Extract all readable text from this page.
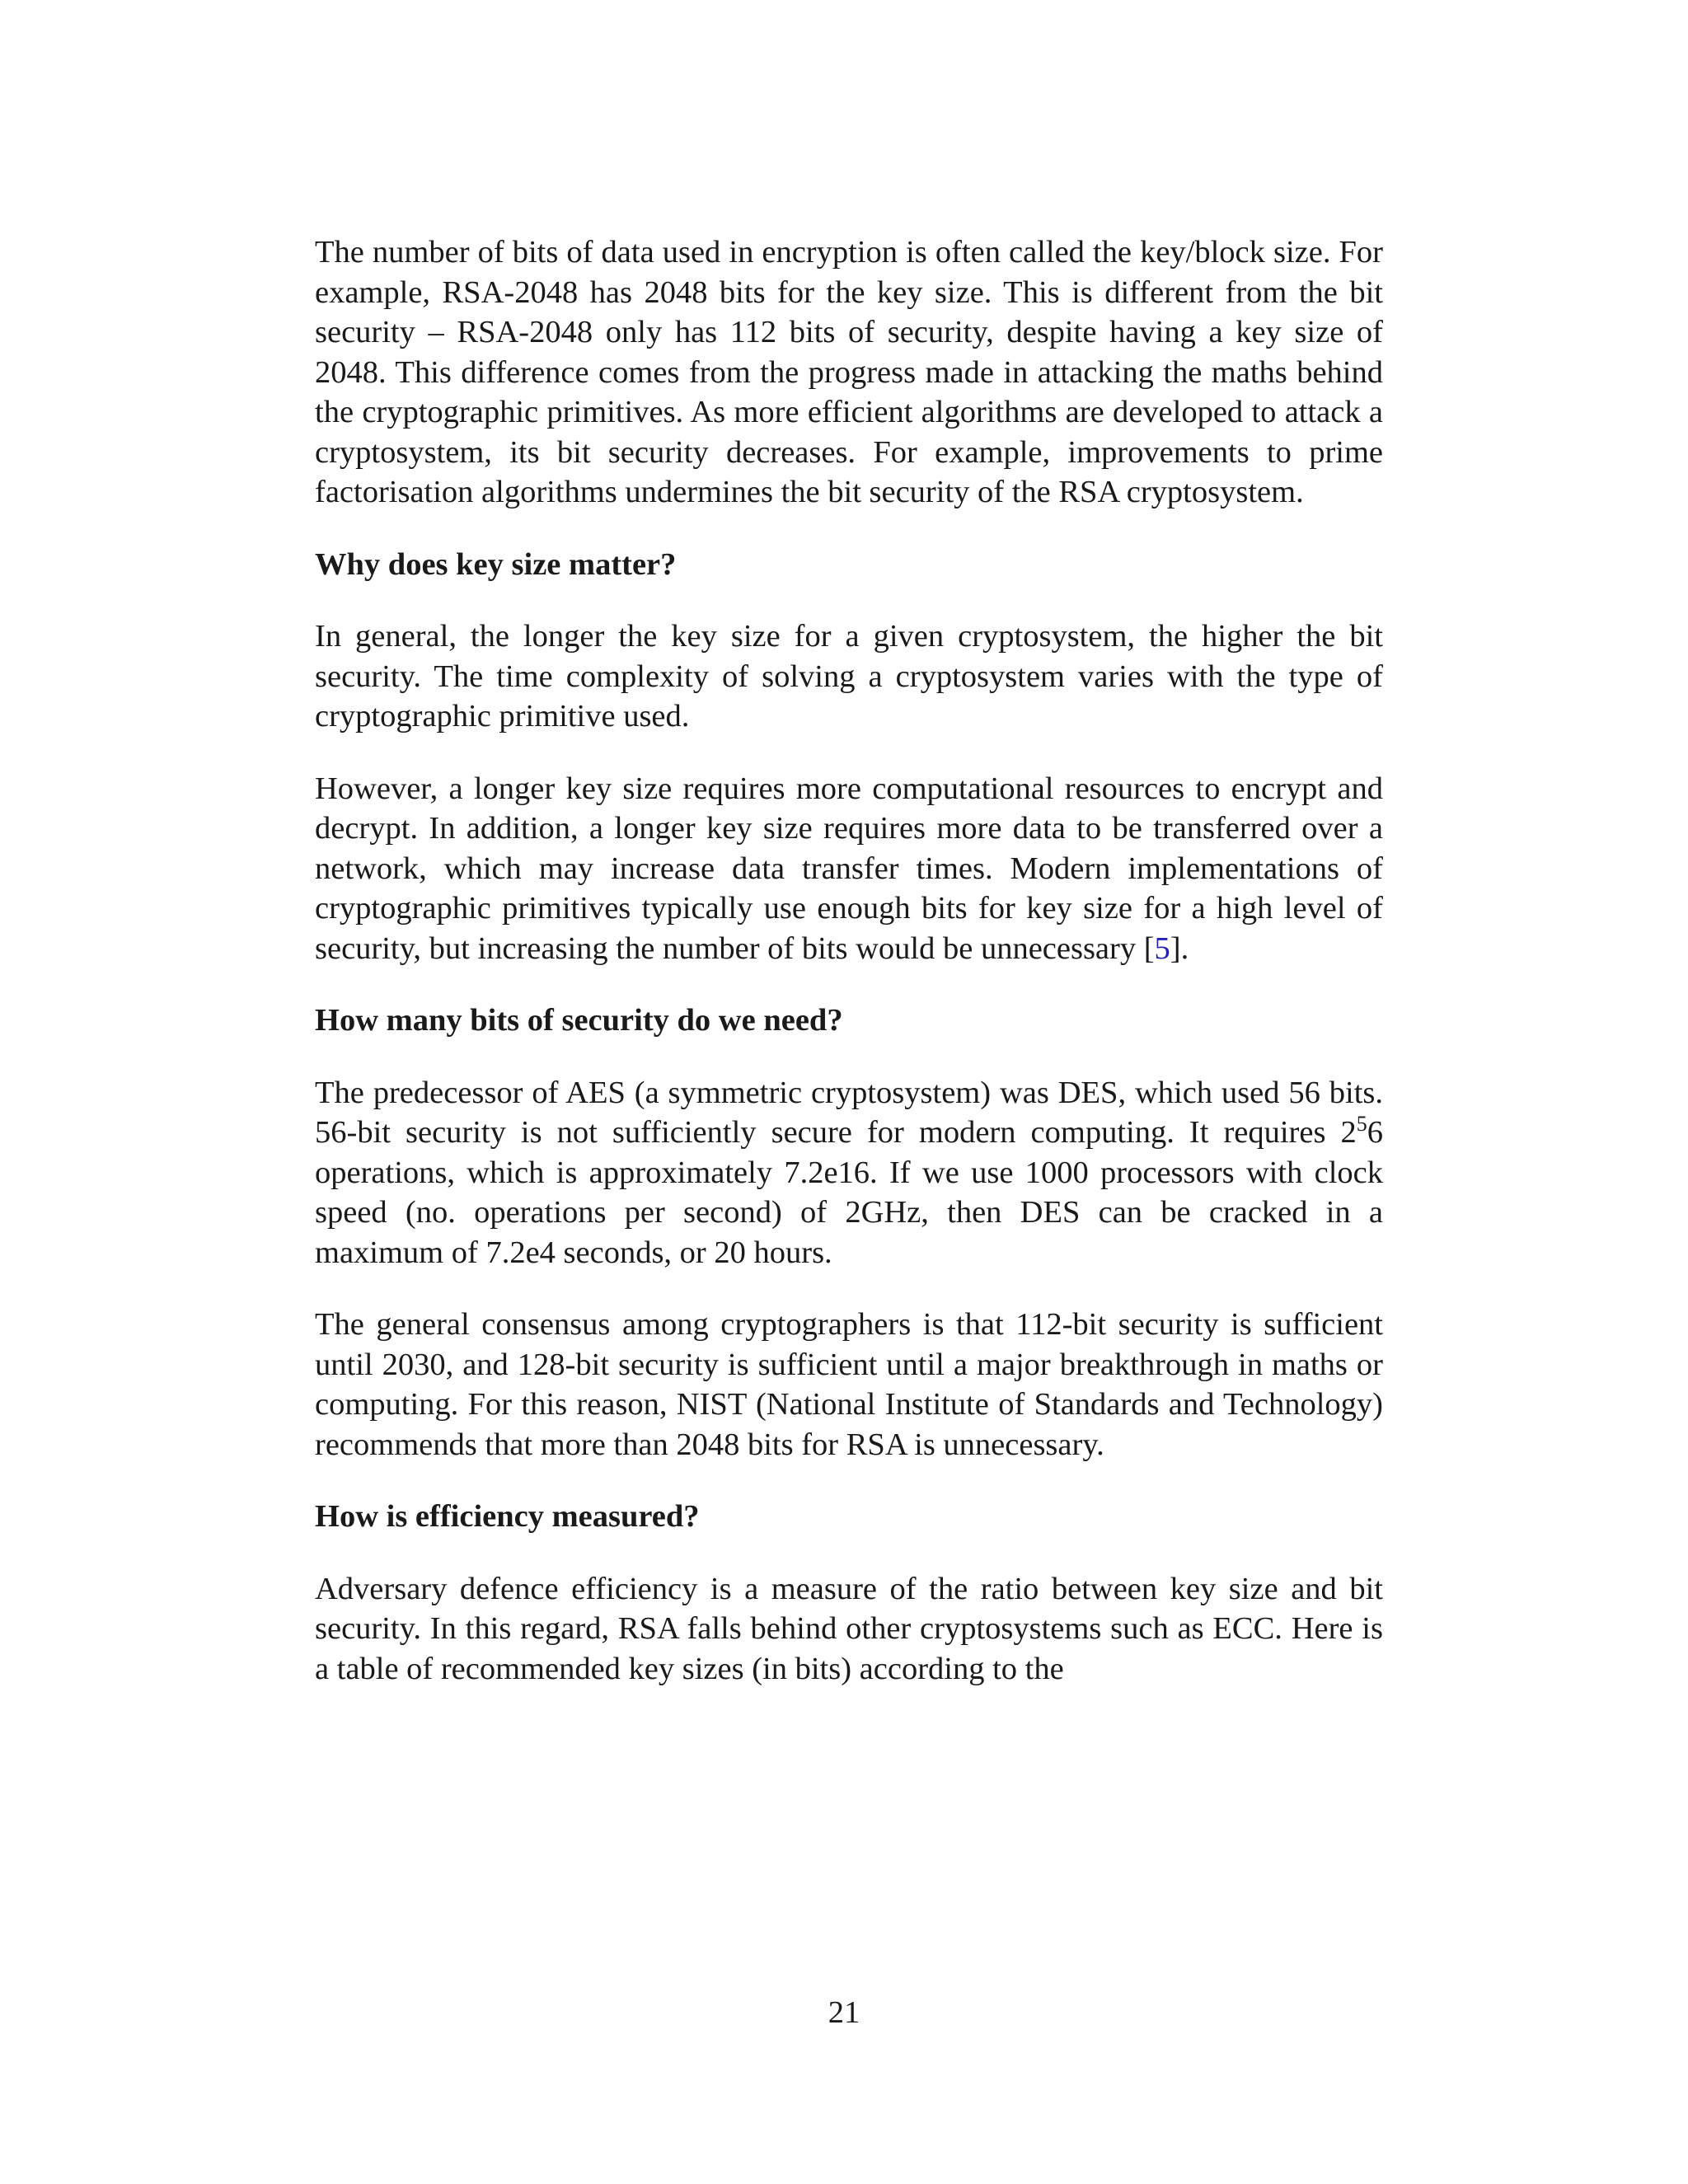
The number of bits of data used in encryption is often called the key/block size. For example, RSA-2048 has 2048 bits for the key size. This is different from the bit security – RSA-2048 only has 112 bits of security, despite having a key size of 2048. This difference comes from the progress made in attacking the maths behind the cryptographic primitives. As more efficient algorithms are developed to attack a cryptosystem, its bit security decreases. For example, improvements to prime factorisation algorithms undermines the bit security of the RSA cryptosystem.

Why does key size matter?

In general, the longer the key size for a given cryptosystem, the higher the bit security. The time complexity of solving a cryptosystem varies with the type of cryptographic primitive used.

However, a longer key size requires more computational resources to encrypt and decrypt. In addition, a longer key size requires more data to be transferred over a network, which may increase data transfer times. Modern implementations of cryptographic primitives typically use enough bits for key size for a high level of security, but increasing the number of bits would be unnecessary [5].

How many bits of security do we need?

The predecessor of AES (a symmetric cryptosystem) was DES, which used 56 bits. 56-bit security is not sufficiently secure for modern computing. It requires $2^56$ operations, which is approximately 7.2e16. If we use 1000 processors with clock speed (no. operations per second) of 2GHz, then DES can be cracked in a maximum of 7.2e4 seconds, or 20 hours.

The general consensus among cryptographers is that 112-bit security is sufficient until 2030, and 128-bit security is sufficient until a major breakthrough in maths or computing. For this reason, NIST (National Institute of Standards and Technology) recommends that more than 2048 bits for RSA is unnecessary.

How is efficiency measured?

Adversary defence efficiency is a measure of the ratio between key size and bit security. In this regard, RSA falls behind other cryptosystems such as ECC. Here is a table of recommended key sizes (in bits) according to the

21
